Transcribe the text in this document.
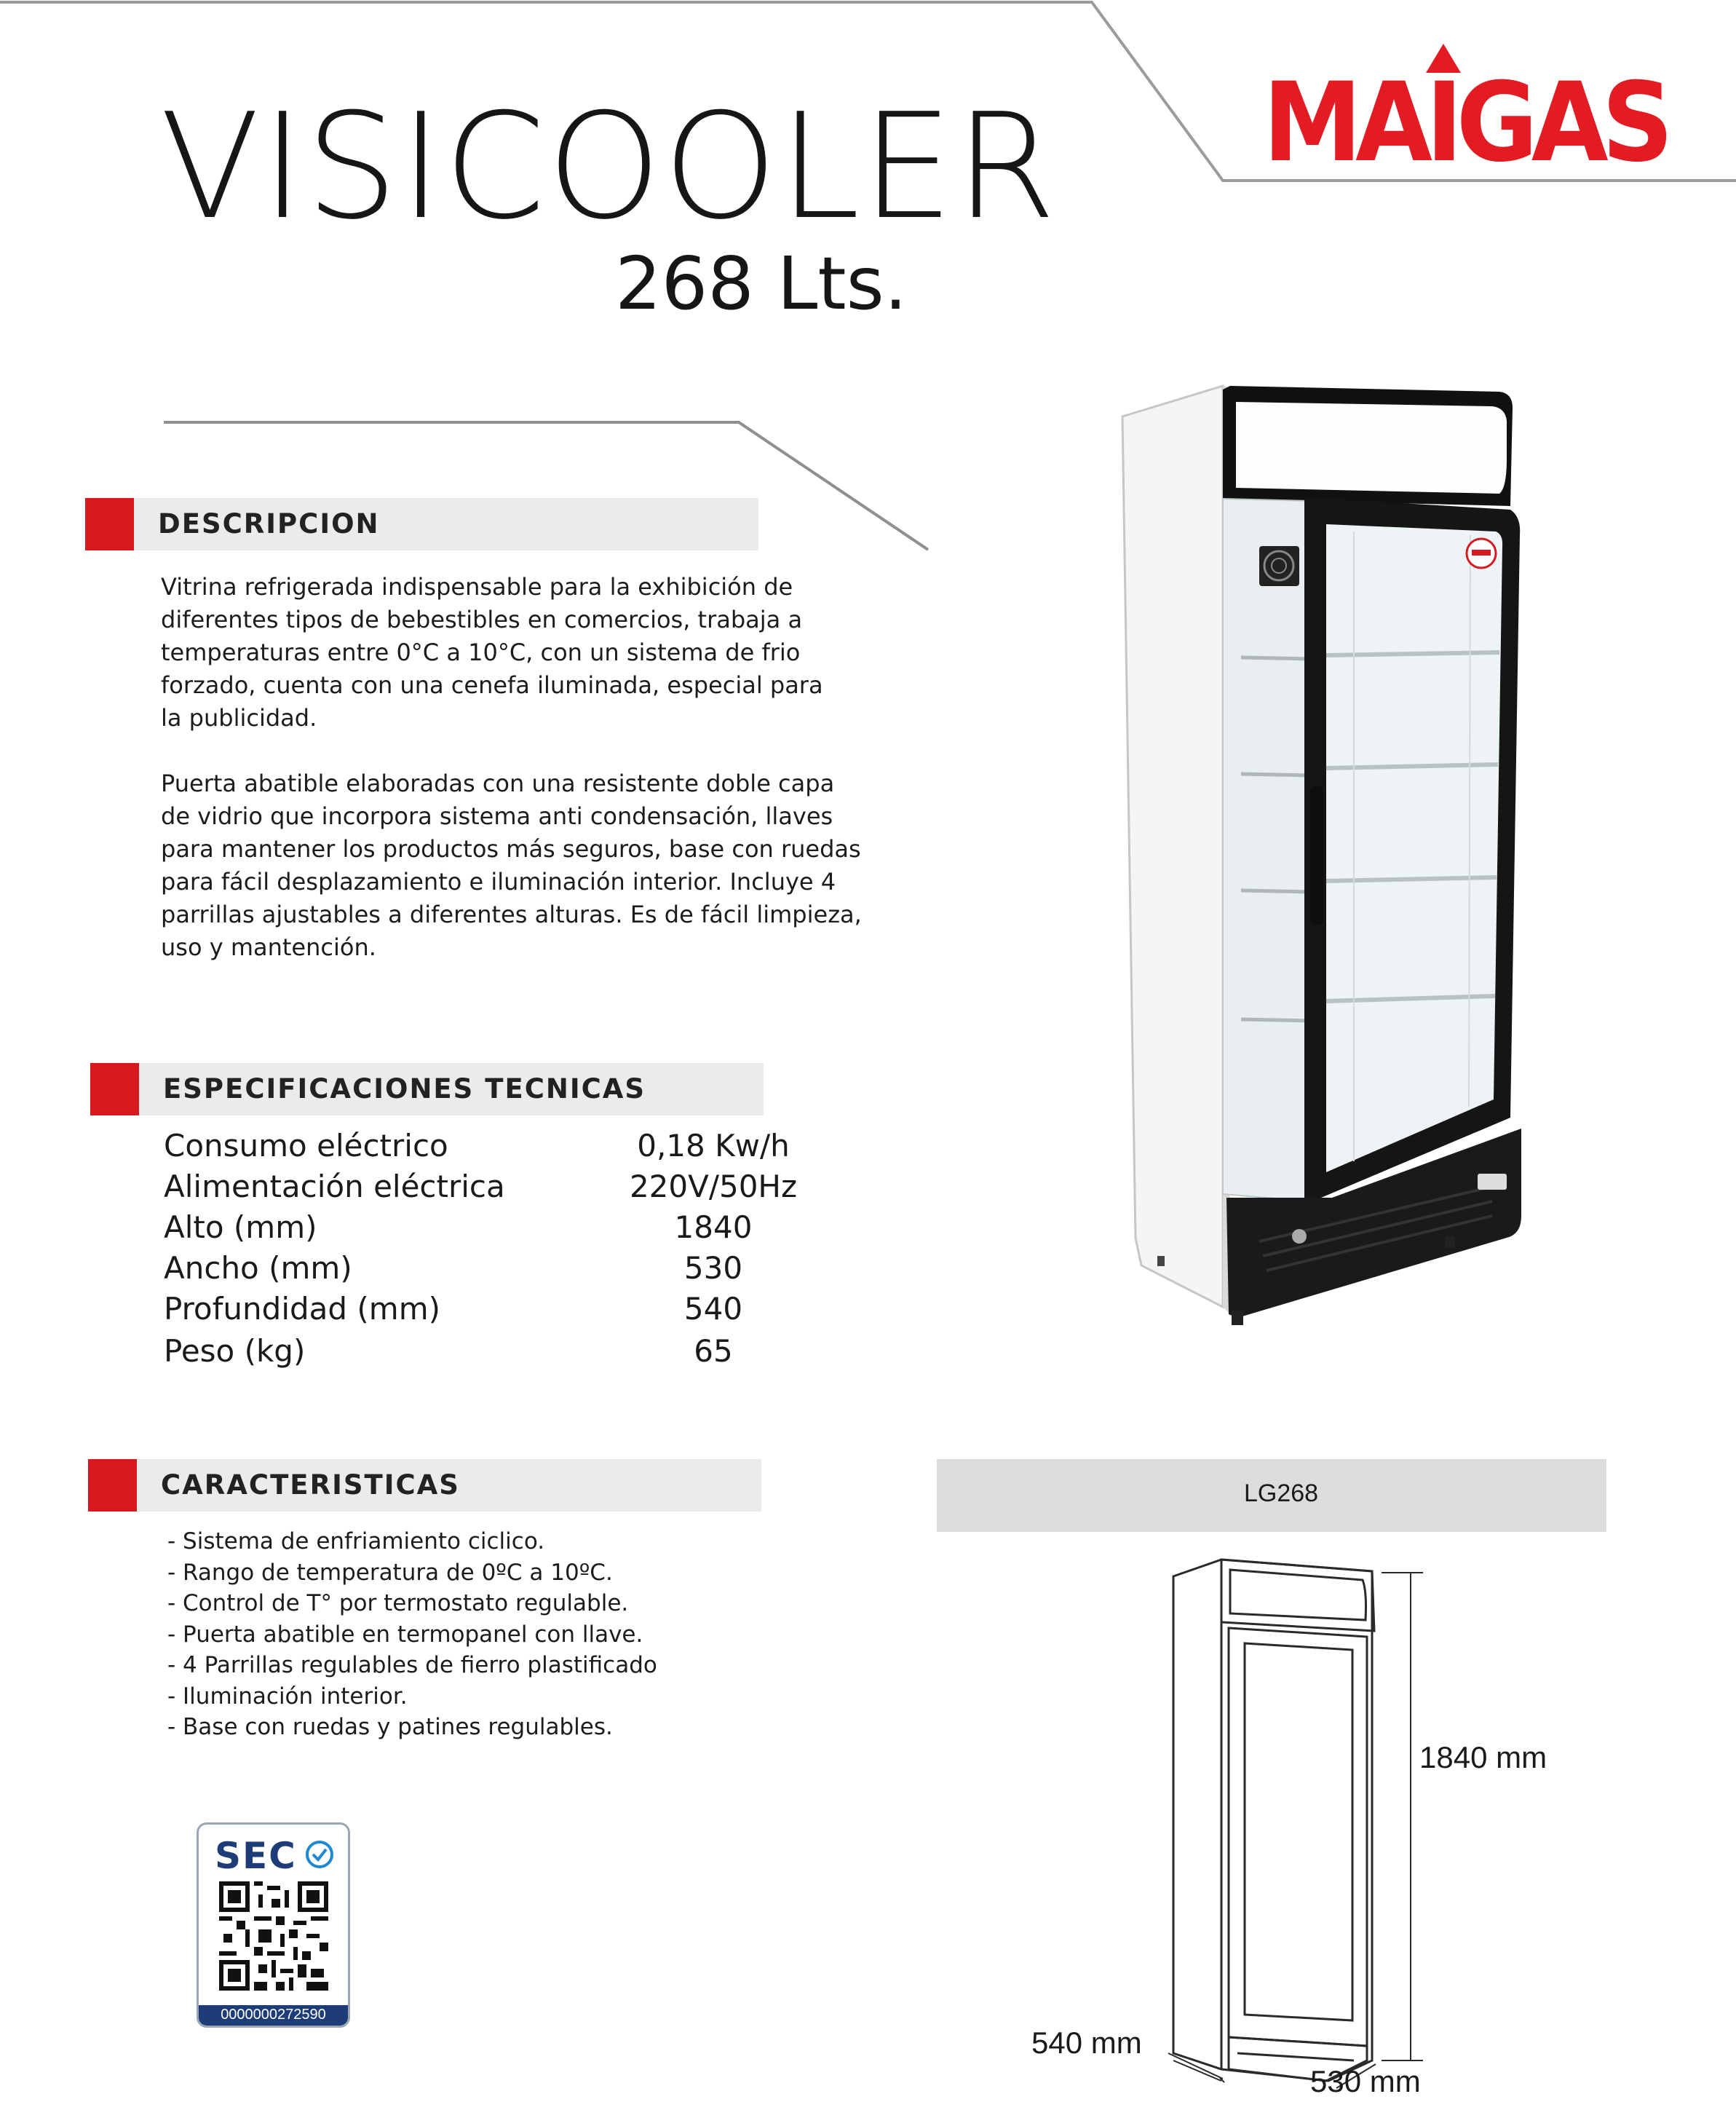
VISICOOLER
268 Lts.
MAIGAS
DESCRIPCION
Vitrina refrigerada indispensable para la exhibición de
diferentes tipos de bebestibles en comercios, trabaja a
temperaturas entre 0°C a 10°C, con un sistema de frio
forzado, cuenta con una cenefa iluminada, especial para
la publicidad.
Puerta abatible elaboradas con una resistente doble capa
de vidrio que incorpora sistema anti condensación, llaves
para mantener los productos más seguros, base con ruedas
para fácil desplazamiento e iluminación interior. Incluye 4
parrillas ajustables a diferentes alturas. Es de fácil limpieza,
uso y mantención.
ESPECIFICACIONES TECNICAS
Consumo eléctrico	0,18 Kw/h
Alimentación eléctrica	220V/50Hz
Alto (mm)	1840
Ancho (mm)	530
Profundidad (mm)	540
Peso (kg)	65
CARACTERISTICAS
- Sistema de enfriamiento ciclico.
- Rango de temperatura de 0ºC a 10ºC.
- Control de T° por termostato regulable.
- Puerta abatible en termopanel con llave.
- 4 Parrillas regulables de fierro plastificado
- Iluminación interior.
- Base con ruedas y patines regulables.
SEC
0000000272590
LG268
1840 mm
540 mm
530 mm
